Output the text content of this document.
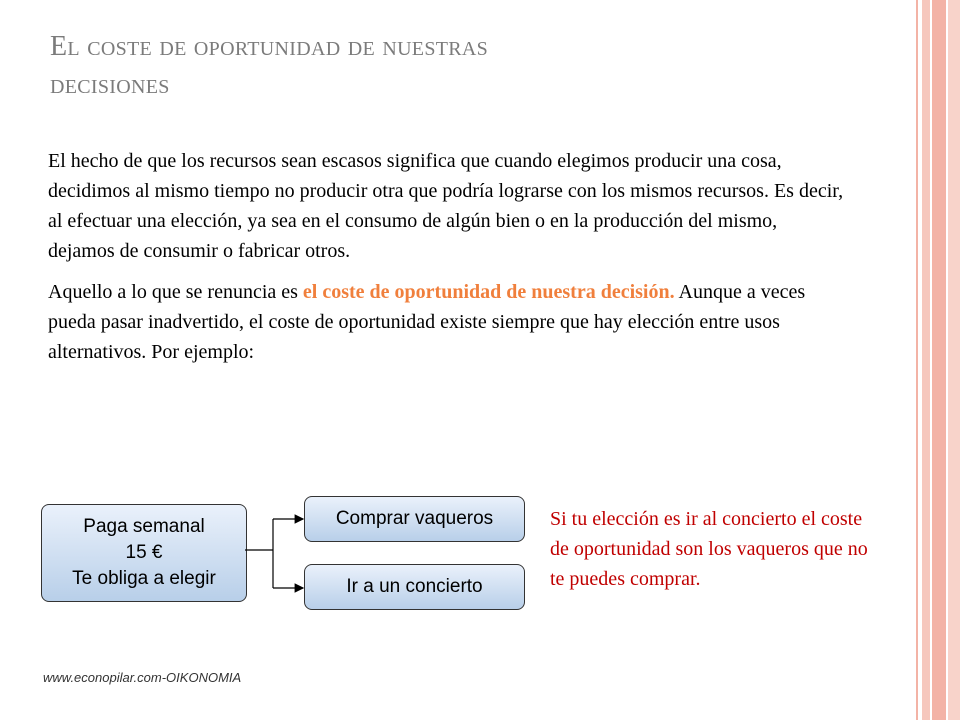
El coste de oportunidad de nuestras
decisiones

El hecho de que los recursos sean escasos significa que cuando elegimos producir una cosa, decidimos al mismo tiempo no producir otra que podría lograrse con los mismos recursos. Es decir, al efectuar una elección, ya sea en el consumo de algún bien o en la producción del mismo, dejamos de consumir o fabricar otros.

Aquello a lo que se renuncia es el coste de oportunidad de nuestra decisión. Aunque a veces pueda pasar inadvertido, el coste de oportunidad existe siempre que hay elección entre usos alternativos. Por ejemplo:

Paga semanal
15 €
Te obliga a elegir
Comprar vaqueros
Ir a un concierto
Si tu elección es ir al concierto el coste de oportunidad son los vaqueros que no te puedes comprar.
www.econopilar.com-OIKONOMIA
